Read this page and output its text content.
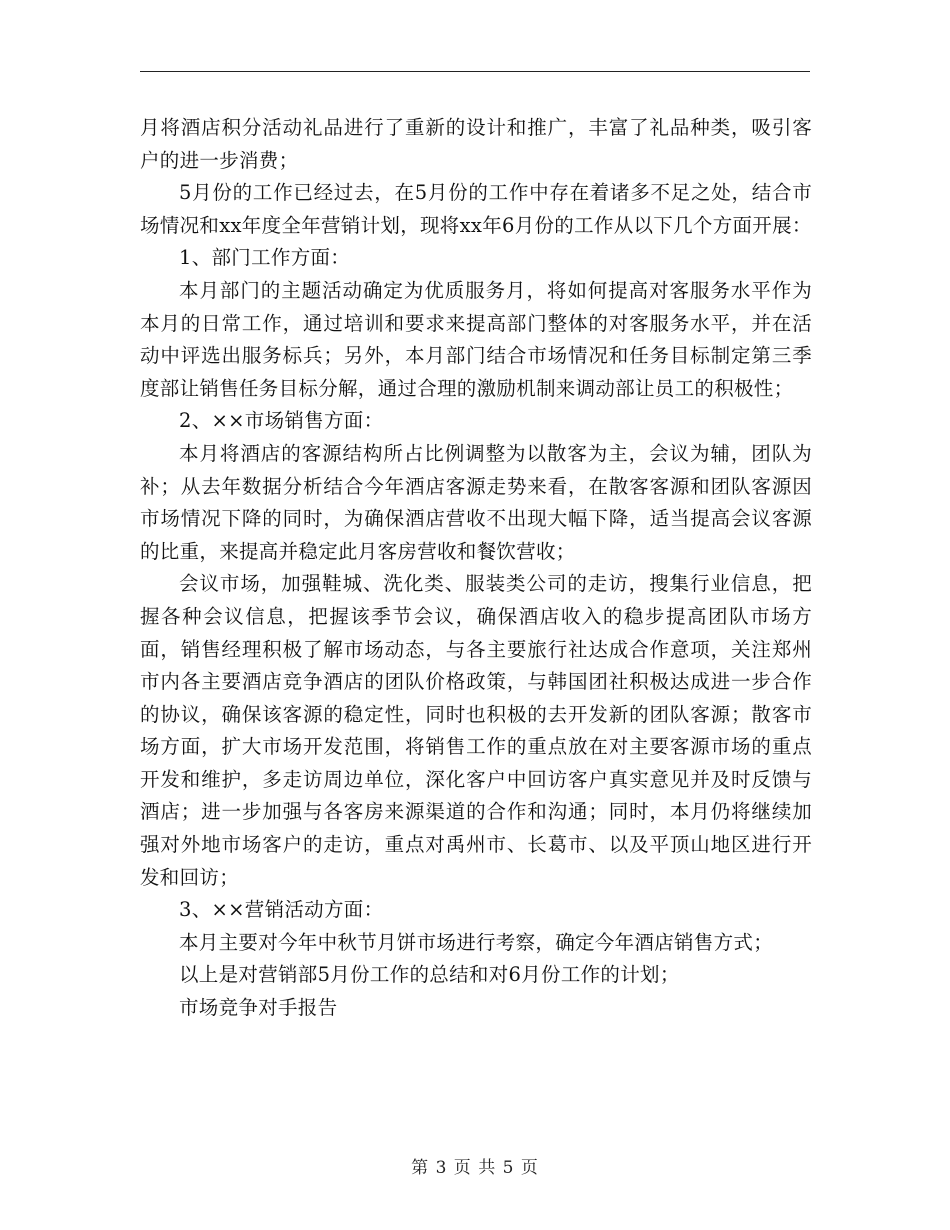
月将酒店积分活动礼品进行了重新的设计和推广，丰富了礼品种类，吸引客户的进一步消费；

5月份的工作已经过去，在5月份的工作中存在着诸多不足之处，结合市场情况和xx年度全年营销计划，现将xx年6月份的工作从以下几个方面开展：

1、部门工作方面：

本月部门的主题活动确定为优质服务月，将如何提高对客服务水平作为本月的日常工作，通过培训和要求来提高部门整体的对客服务水平，并在活动中评选出服务标兵；另外，本月部门结合市场情况和任务目标制定第三季度部让销售任务目标分解，通过合理的激励机制来调动部让员工的积极性；

2、××市场销售方面：

本月将酒店的客源结构所占比例调整为以散客为主，会议为辅，团队为补；从去年数据分析结合今年酒店客源走势来看，在散客客源和团队客源因市场情况下降的同时，为确保酒店营收不出现大幅下降，适当提高会议客源的比重，来提高并稳定此月客房营收和餐饮营收；

会议市场，加强鞋城、洗化类、服装类公司的走访，搜集行业信息，把握各种会议信息，把握该季节会议，确保酒店收入的稳步提高团队市场方面，销售经理积极了解市场动态，与各主要旅行社达成合作意项，关注郑州市内各主要酒店竞争酒店的团队价格政策，与韩国团社积极达成进一步合作的协议，确保该客源的稳定性，同时也积极的去开发新的团队客源；散客市场方面，扩大市场开发范围，将销售工作的重点放在对主要客源市场的重点开发和维护，多走访周边单位，深化客户中回访客户真实意见并及时反馈与酒店；进一步加强与各客房来源渠道的合作和沟通；同时，本月仍将继续加强对外地市场客户的走访，重点对禹州市、长葛市、以及平顶山地区进行开发和回访；

3、××营销活动方面：

本月主要对今年中秋节月饼市场进行考察，确定今年酒店销售方式；

以上是对营销部5月份工作的总结和对6月份工作的计划；

市场竞争对手报告

第 3 页 共 5 页
